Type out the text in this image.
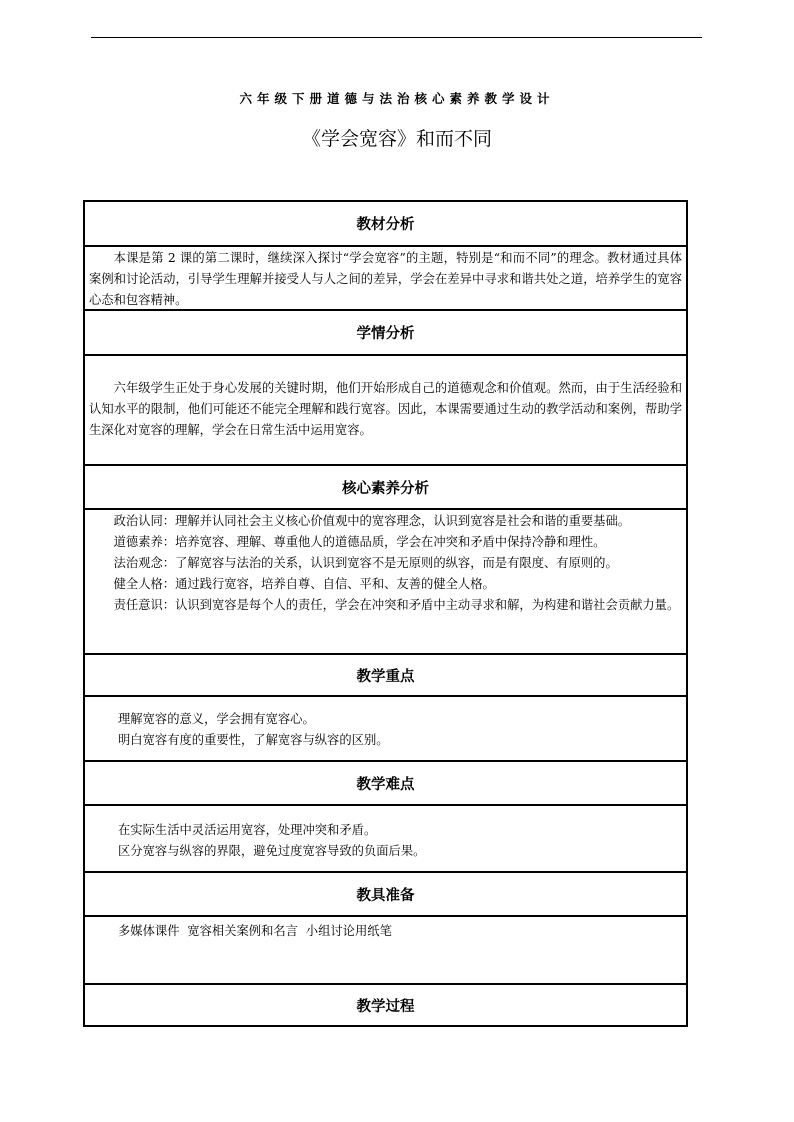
六年级下册道德与法治核心素养教学设计
《学会宽容》和而不同
教材分析

本课是第 2 课的第二课时，继续深入探讨“学会宽容”的主题，特别是“和而不同”的理念。教材通过具体案例和讨论活动，引导学生理解并接受人与人之间的差异，学会在差异中寻求和谐共处之道，培养学生的宽容心态和包容精神。

学情分析

六年级学生正处于身心发展的关键时期，他们开始形成自己的道德观念和价值观。然而，由于生活经验和认知水平的限制，他们可能还不能完全理解和践行宽容。因此，本课需要通过生动的教学活动和案例，帮助学生深化对宽容的理解，学会在日常生活中运用宽容。

核心素养分析

政治认同：理解并认同社会主义核心价值观中的宽容理念，认识到宽容是社会和谐的重要基础。

道德素养：培养宽容、理解、尊重他人的道德品质，学会在冲突和矛盾中保持冷静和理性。

法治观念：了解宽容与法治的关系，认识到宽容不是无原则的纵容，而是有限度、有原则的。

健全人格：通过践行宽容，培养自尊、自信、平和、友善的健全人格。

责任意识：认识到宽容是每个人的责任，学会在冲突和矛盾中主动寻求和解，为构建和谐社会贡献力量。

教学重点
理解宽容的意义，学会拥有宽容心。
明白宽容有度的重要性，了解宽容与纵容的区别。
教学难点
在实际生活中灵活运用宽容，处理冲突和矛盾。
区分宽容与纵容的界限，避免过度宽容导致的负面后果。
教具准备
多媒体课件  宽容相关案例和名言  小组讨论用纸笔
教学过程
